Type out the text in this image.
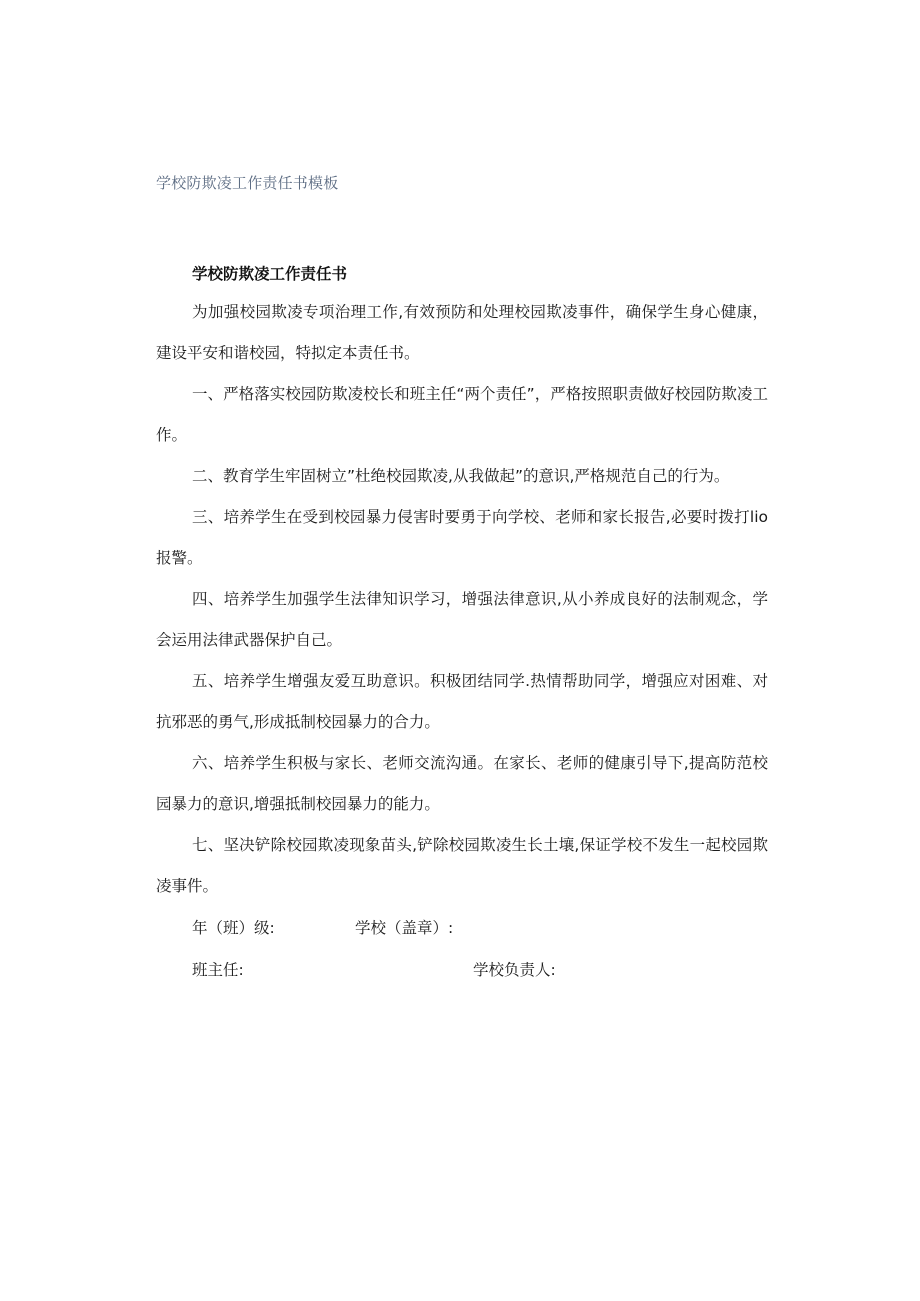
学校防欺凌工作责任书模板
学校防欺凌工作责任书
为加强校园欺凌专项治理工作,有效预防和处理校园欺凌事件，确保学生身心健康，建设平安和谐校园，特拟定本责任书。
一、严格落实校园防欺凌校长和班主任“两个责任”，严格按照职责做好校园防欺凌工作。
二、教育学生牢固树立”杜绝校园欺凌,从我做起”的意识,严格规范自己的行为。
三、培养学生在受到校园暴力侵害时要勇于向学校、老师和家长报告,必要时拨打lio报警。
四、培养学生加强学生法律知识学习，增强法律意识,从小养成良好的法制观念，学会运用法律武器保护自己。
五、培养学生增强友爱互助意识。积极团结同学.热情帮助同学，增强应对困难、对抗邪恶的勇气,形成抵制校园暴力的合力。
六、培养学生积极与家长、老师交流沟通。在家长、老师的健康引导下,提高防范校园暴力的意识,增强抵制校园暴力的能力。
七、坚决铲除校园欺凌现象苗头,铲除校园欺凌生长土壤,保证学校不发生一起校园欺凌事件。
年（班）级:	学校（盖章）:
班主任:	学校负责人:
